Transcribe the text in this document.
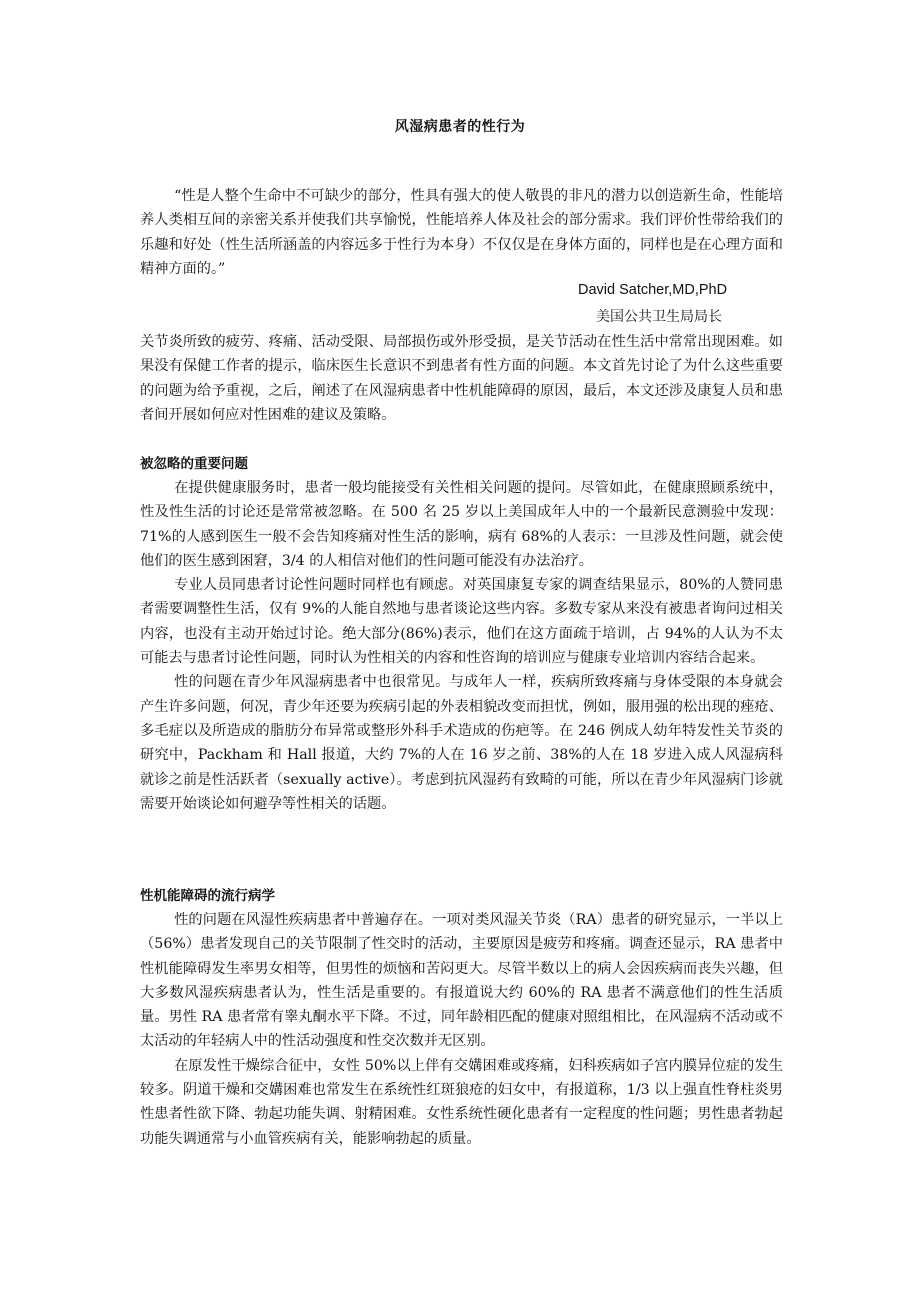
风湿病患者的性行为

“性是人整个生命中不可缺少的部分，性具有强大的使人敬畏的非凡的潜力以创造新生命，性能培养人类相互间的亲密关系并使我们共享愉悦，性能培养人体及社会的部分需求。我们评价性带给我们的乐趣和好处（性生活所涵盖的内容远多于性行为本身）不仅仅是在身体方面的，同样也是在心理方面和精神方面的。”

David Satcher,MD,PhD
美国公共卫生局局长

关节炎所致的疲劳、疼痛、活动受限、局部损伤或外形受损，是关节活动在性生活中常常出现困难。如果没有保健工作者的提示，临床医生长意识不到患者有性方面的问题。本文首先讨论了为什么这些重要的问题为给予重视，之后，阐述了在风湿病患者中性机能障碍的原因，最后，本文还涉及康复人员和患者间开展如何应对性困难的建议及策略。

被忽略的重要问题

在提供健康服务时，患者一般均能接受有关性相关问题的提问。尽管如此，在健康照顾系统中，性及性生活的讨论还是常常被忽略。在 500 名 25 岁以上美国成年人中的一个最新民意测验中发现：71%的人感到医生一般不会告知疼痛对性生活的影响，病有 68%的人表示：一旦涉及性问题，就会使他们的医生感到困窘，3/4 的人相信对他们的性问题可能没有办法治疗。

专业人员同患者讨论性问题时同样也有顾虑。对英国康复专家的调查结果显示，80%的人赞同患者需要调整性生活，仅有 9%的人能自然地与患者谈论这些内容。多数专家从来没有被患者询问过相关内容，也没有主动开始过讨论。绝大部分(86%)表示，他们在这方面疏于培训，占 94%的人认为不太可能去与患者讨论性问题，同时认为性相关的内容和性咨询的培训应与健康专业培训内容结合起来。

性的问题在青少年风湿病患者中也很常见。与成年人一样，疾病所致疼痛与身体受限的本身就会产生许多问题，何况，青少年还要为疾病引起的外表相貌改变而担忧，例如，服用强的松出现的痤疮、多毛症以及所造成的脂肪分布异常或整形外科手术造成的伤疤等。在 246 例成人幼年特发性关节炎的研究中，Packham 和 Hall 报道，大约 7%的人在 16 岁之前、38%的人在 18 岁进入成人风湿病科就诊之前是性活跃者（sexually active）。考虑到抗风湿药有致畸的可能，所以在青少年风湿病门诊就需要开始谈论如何避孕等性相关的话题。

性机能障碍的流行病学

性的问题在风湿性疾病患者中普遍存在。一项对类风湿关节炎（RA）患者的研究显示，一半以上（56%）患者发现自己的关节限制了性交时的活动，主要原因是疲劳和疼痛。调查还显示，RA 患者中性机能障碍发生率男女相等，但男性的烦恼和苦闷更大。尽管半数以上的病人会因疾病而丧失兴趣，但大多数风湿疾病患者认为，性生活是重要的。有报道说大约 60%的 RA 患者不满意他们的性生活质量。男性 RA 患者常有睾丸酮水平下降。不过，同年龄相匹配的健康对照组相比，在风湿病不活动或不太活动的年轻病人中的性活动强度和性交次数并无区别。

在原发性干燥综合征中，女性 50%以上伴有交媾困难或疼痛，妇科疾病如子宫内膜异位症的发生较多。阴道干燥和交媾困难也常发生在系统性红斑狼疮的妇女中，有报道称，1/3 以上强直性脊柱炎男性患者性欲下降、勃起功能失调、射精困难。女性系统性硬化患者有一定程度的性问题；男性患者勃起功能失调通常与小血管疾病有关，能影响勃起的质量。
